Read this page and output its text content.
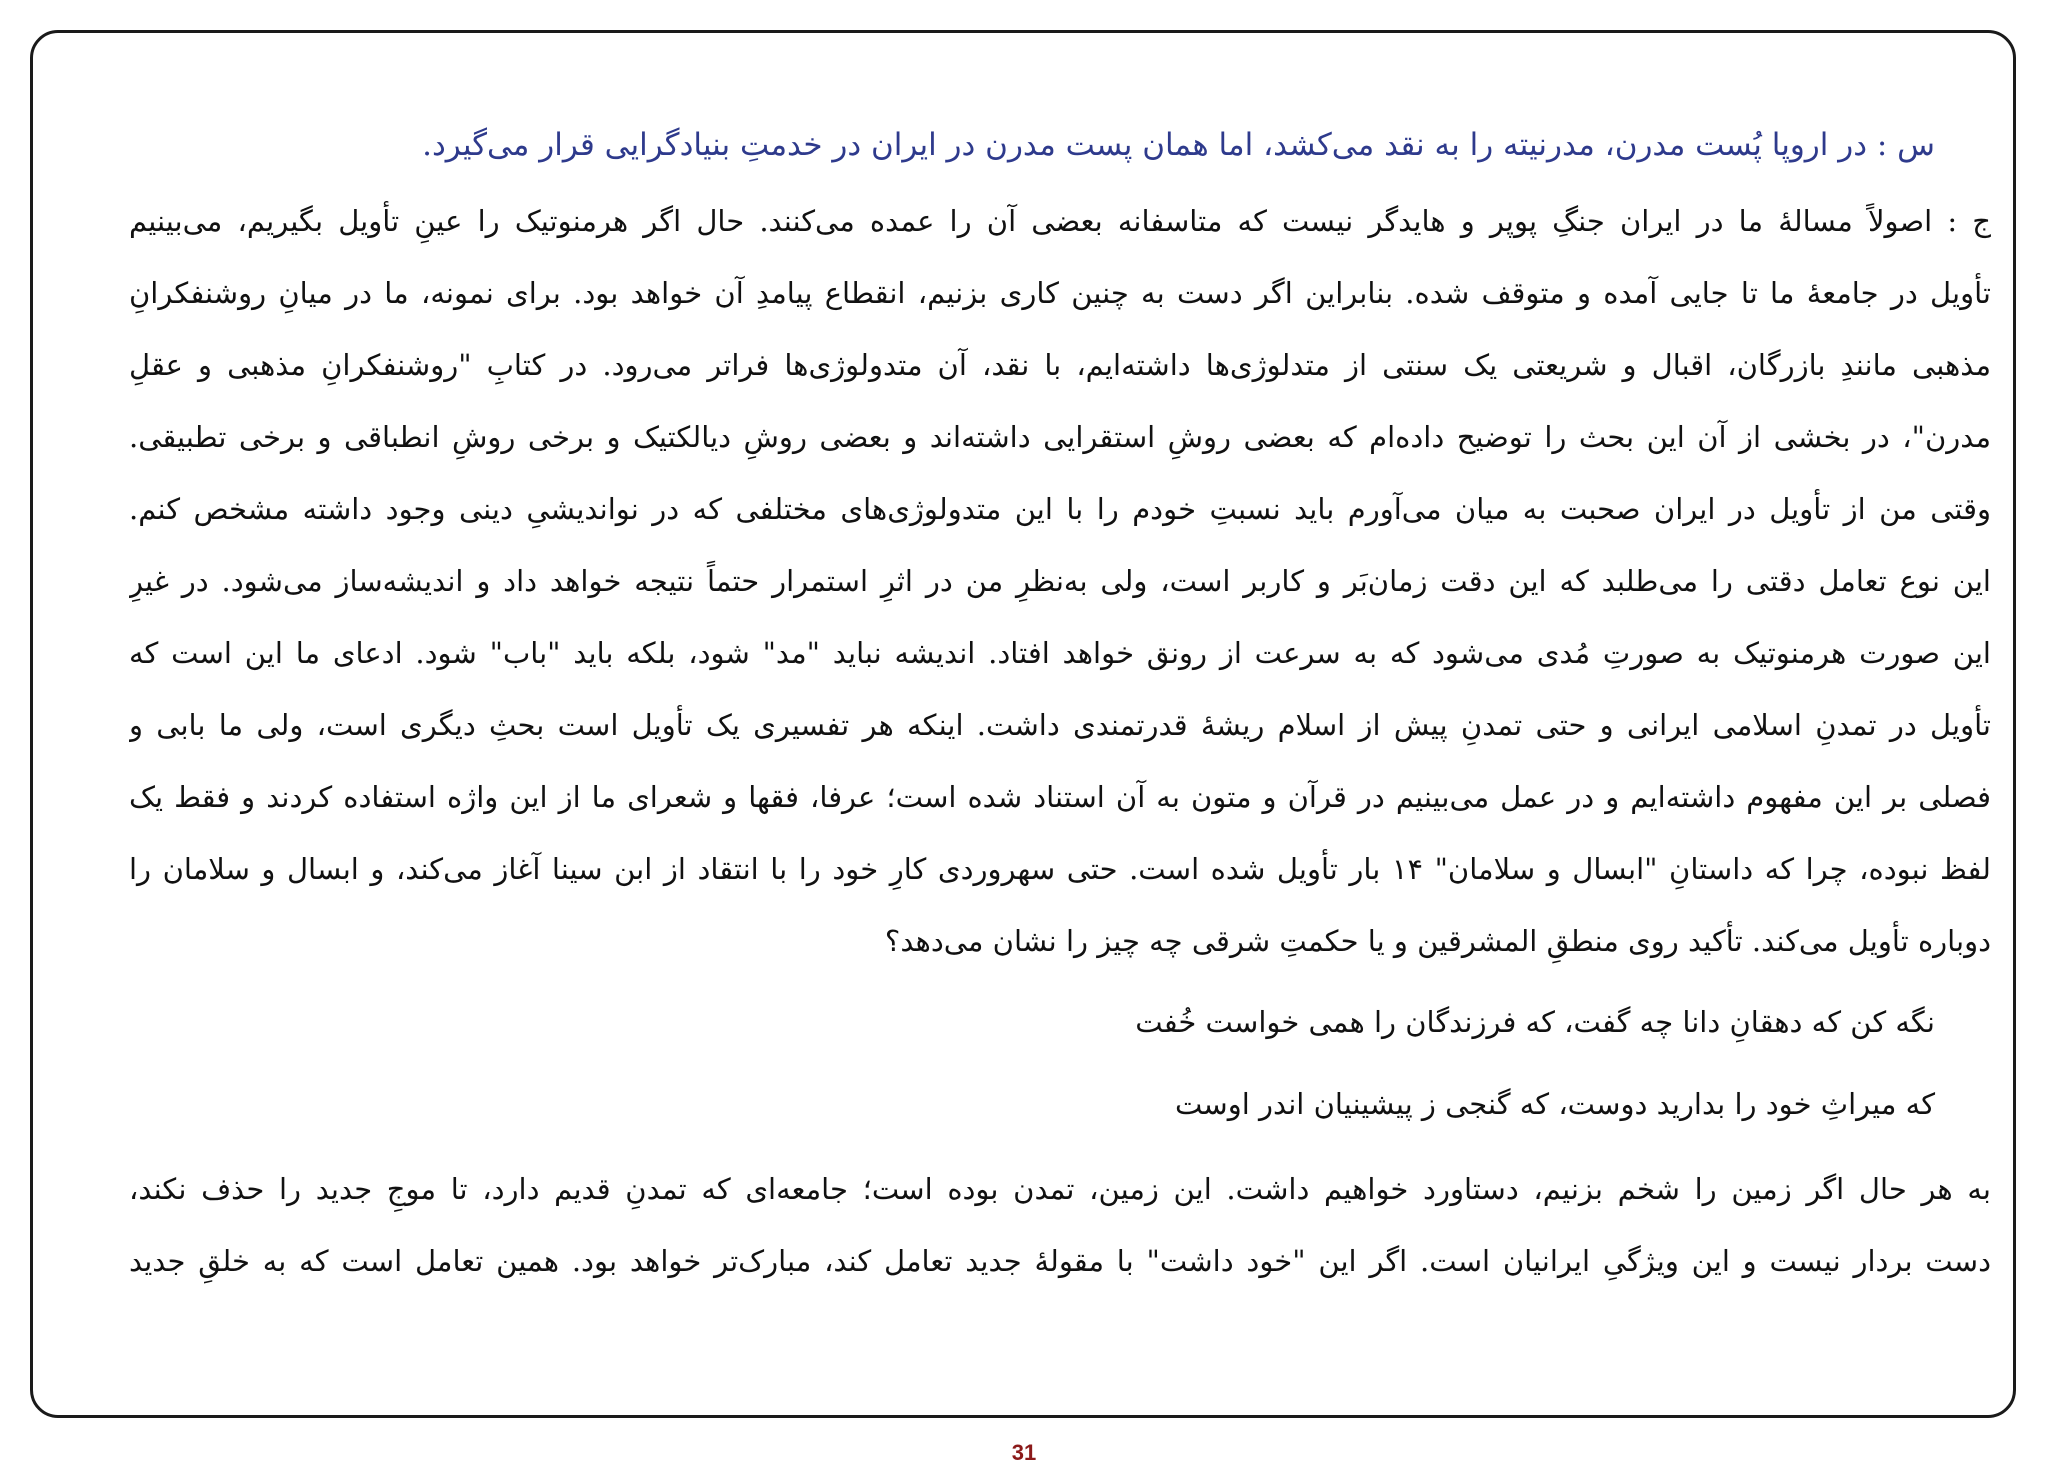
س : در اروپا پُست مدرن، مدرنیته را به نقد می‌کشد، اما همان پست مدرن در ایران در خدمتِ بنیادگرایی قرار می‌گیرد.
ج : اصولاً مسالهٔ ما در ایران جنگِ پوپر و هایدگر نیست که متاسفانه بعضی آن را عمده می‌کنند. حال اگر هرمنوتیک را عینِ تأویل بگیریم، می‌بینیم
تأویل در جامعهٔ ما تا جایی آمده و متوقف شده. بنابراین اگر دست به چنین کاری بزنیم، انقطاع پیامدِ آن خواهد بود. برای نمونه، ما در میانِ روشنفکرانِ
مذهبی مانندِ بازرگان، اقبال و شریعتی یک سنتی از متدلوژی‌ها داشته‌ایم، با نقد، آن متدولوژی‌ها فراتر می‌رود. در کتابِ "روشنفکرانِ مذهبی و عقلِ
مدرن"، در بخشی از آن این بحث را توضیح داده‌ام که بعضی روشِ استقرایی داشته‌اند و بعضی روشِ دیالکتیک و برخی روشِ انطباقی و برخی تطبیقی.
وقتی من از تأویل در ایران صحبت به میان می‌آورم باید نسبتِ خودم را با این متدولوژی‌های مختلفی که در نواندیشیِ دینی وجود داشته مشخص کنم.
این نوع تعامل دقتی را می‌طلبد که این دقت زمان‌بَر و کاربر است، ولی به‌نظرِ من در اثرِ استمرار حتماً نتیجه خواهد داد و اندیشه‌ساز می‌شود. در غیرِ
این صورت هرمنوتیک به صورتِ مُدی می‌شود که به سرعت از رونق خواهد افتاد. اندیشه نباید "مد" شود، بلکه باید "باب" شود. ادعای ما این است که
تأویل در تمدنِ اسلامی ایرانی و حتی تمدنِ پیش از اسلام ریشهٔ قدرتمندی داشت. اینکه هر تفسیری یک تأویل است بحثِ دیگری است، ولی ما بابی و
فصلی بر این مفهوم داشته‌ایم و در عمل می‌بینیم در قرآن و متون به آن استناد شده است؛ عرفا، فقها و شعرای ما از این واژه استفاده کردند و فقط یک
لفظ نبوده، چرا که داستانِ "ابسال و سلامان" ۱۴ بار تأویل شده است. حتی سهروردی کارِ خود را با انتقاد از ابن سینا آغاز می‌کند، و ابسال و سلامان را
دوباره تأویل می‌کند. تأکید روی منطقِ المشرقین و یا حکمتِ شرقی چه چیز را نشان می‌دهد؟
نگه کن که دهقانِ دانا چه گفت، که فرزندگان را همی خواست خُفت
که میراثِ خود را بدارید دوست، که گنجی ز پیشینیان اندر اوست
به هر حال اگر زمین را شخم بزنیم، دستاورد خواهیم داشت. این زمین، تمدن بوده است؛ جامعه‌ای که تمدنِ قدیم دارد، تا موجِ جدید را حذف نکند،
دست بردار نیست و این ویژگیِ ایرانیان است. اگر این "خود داشت" با مقولهٔ جدید تعامل کند، مبارک‌تر خواهد بود. همین تعامل است که به خلقِ جدید
31
